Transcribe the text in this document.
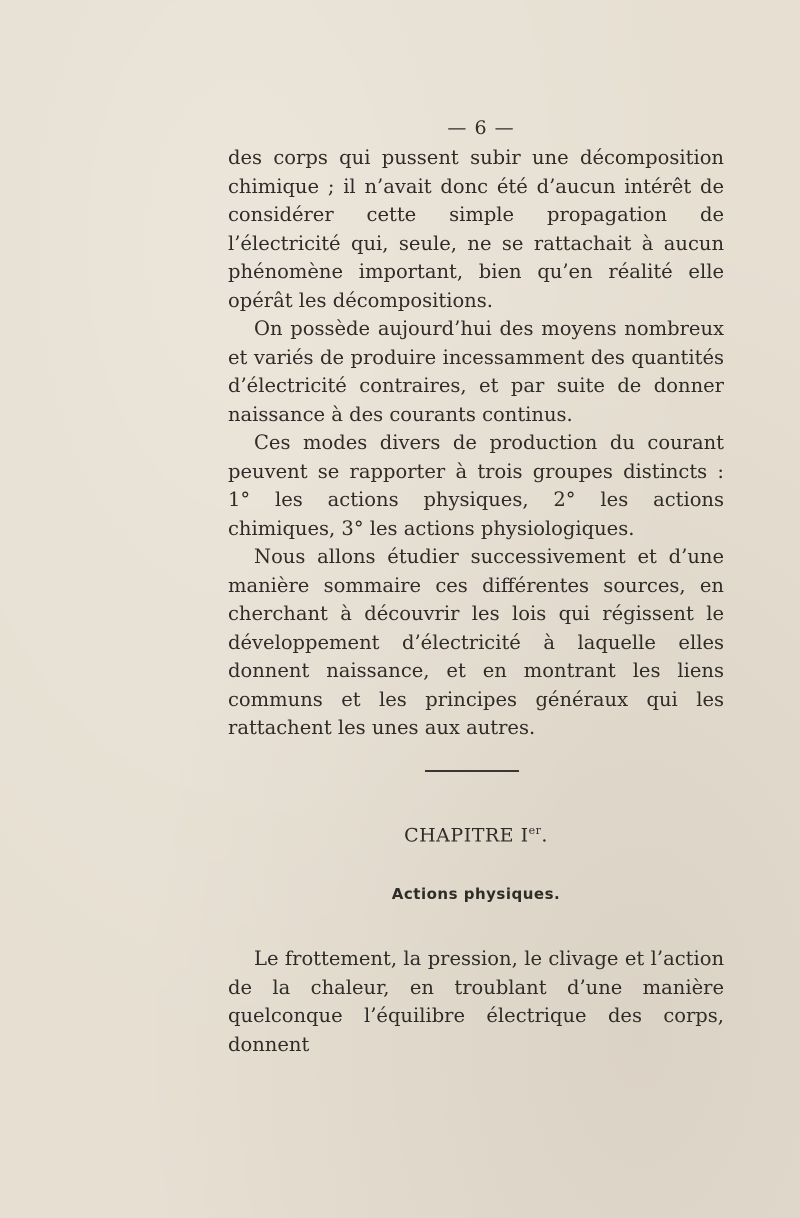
— 6 —

des corps qui pussent subir une décomposition chimique ; il n’avait donc été d’aucun intérêt de considérer cette simple propagation de l’électricité qui, seule, ne se rattachait à aucun phénomène important, bien qu’en réalité elle opérât les décompositions.

On possède aujourd’hui des moyens nombreux et variés de produire incessamment des quantités d’électricité contraires, et par suite de donner naissance à des courants continus.

Ces modes divers de production du courant peuvent se rapporter à trois groupes distincts : 1° les actions physiques, 2° les actions chimiques, 3° les actions physiologiques.

Nous allons étudier successivement et d’une manière sommaire ces différentes sources, en cherchant à découvrir les lois qui régissent le développement d’électricité à laquelle elles donnent naissance, et en montrant les liens communs et les principes généraux qui les rattachent les unes aux autres.

CHAPITRE Ier.
Actions physiques.

Le frottement, la pression, le clivage et l’action de la chaleur, en troublant d’une manière quelconque l’équilibre électrique des corps, donnent
